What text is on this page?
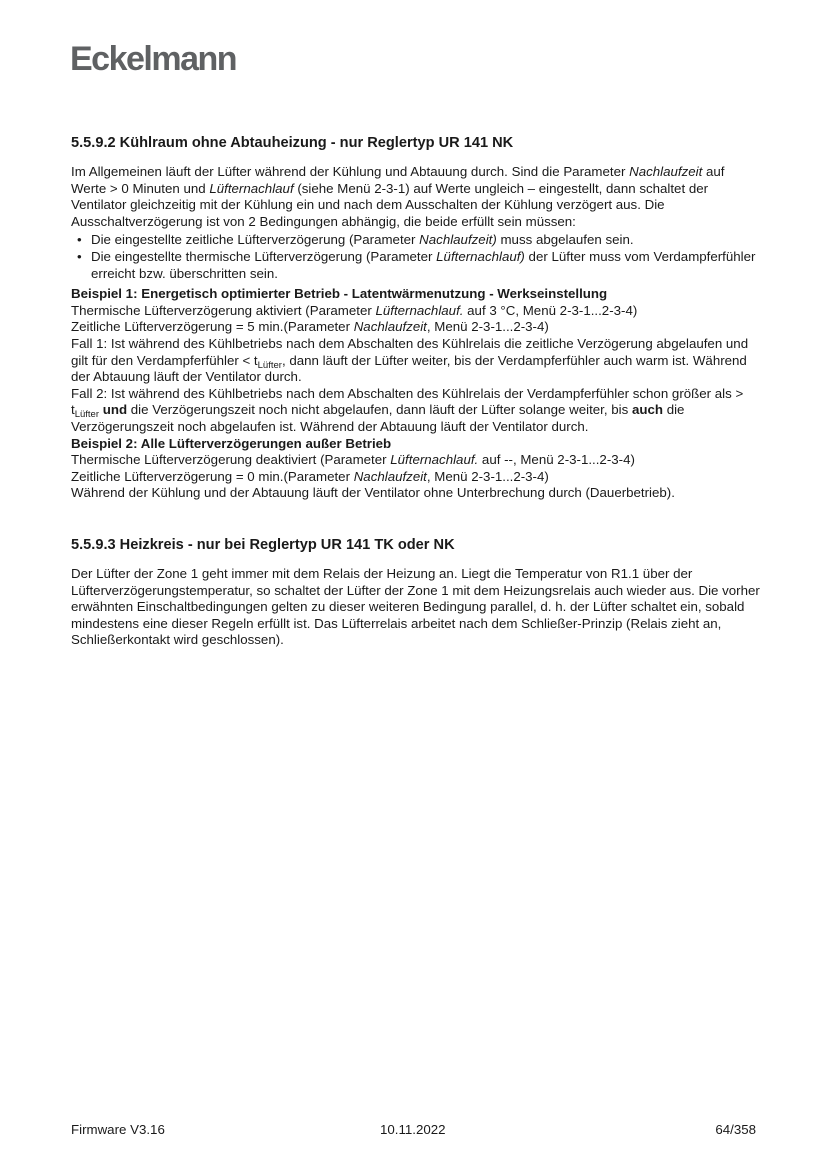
Eckelmann
5.5.9.2 Kühlraum ohne Abtauheizung - nur Reglertyp UR 141 NK

Im Allgemeinen läuft der Lüfter während der Kühlung und Abtauung durch. Sind die Parameter Nachlaufzeit auf Werte > 0 Minuten und Lüfternachlauf (siehe Menü 2-3-1) auf Werte ungleich – eingestellt, dann schaltet der Ventilator gleichzeitig mit der Kühlung ein und nach dem Ausschalten der Kühlung verzögert aus. Die Ausschaltverzögerung ist von 2 Bedingungen abhängig, die beide erfüllt sein müssen:

• Die eingestellte zeitliche Lüfterverzögerung (Parameter Nachlaufzeit) muss abgelaufen sein.
• Die eingestellte thermische Lüfterverzögerung (Parameter Lüfternachlauf) der Lüfter muss vom Verdampferfühler erreicht bzw. überschritten sein.

Beispiel 1: Energetisch optimierter Betrieb - Latentwärmenutzung - Werkseinstellung

Thermische Lüfterverzögerung aktiviert (Parameter Lüfternachlauf. auf 3 °C, Menü 2-3-1...2-3-4)

Zeitliche Lüfterverzögerung = 5 min.(Parameter Nachlaufzeit, Menü 2-3-1...2-3-4)

Fall 1: Ist während des Kühlbetriebs nach dem Abschalten des Kühlrelais die zeitliche Verzögerung abgelaufen und gilt für den Verdampferfühler < $t_{Lüfter}$, dann läuft der Lüfter weiter, bis der Verdampferfühler auch warm ist. Während der Abtauung läuft der Ventilator durch.

Fall 2: Ist während des Kühlbetriebs nach dem Abschalten des Kühlrelais der Verdampferfühler schon größer als > $t_{Lüfter}$ und die Verzögerungszeit noch nicht abgelaufen, dann läuft der Lüfter solange weiter, bis auch die Verzögerungszeit noch abgelaufen ist. Während der Abtauung läuft der Ventilator durch.

Beispiel 2: Alle Lüfterverzögerungen außer Betrieb

Thermische Lüfterverzögerung deaktiviert (Parameter Lüfternachlauf. auf --, Menü 2-3-1...2-3-4)

Zeitliche Lüfterverzögerung = 0 min.(Parameter Nachlaufzeit, Menü 2-3-1...2-3-4)

Während der Kühlung und der Abtauung läuft der Ventilator ohne Unterbrechung durch (Dauerbetrieb).

5.5.9.3 Heizkreis - nur bei Reglertyp UR 141 TK oder NK

Der Lüfter der Zone 1 geht immer mit dem Relais der Heizung an. Liegt die Temperatur von R1.1 über der Lüfterverzögerungstemperatur, so schaltet der Lüfter der Zone 1 mit dem Heizungsrelais auch wieder aus. Die vorher erwähnten Einschaltbedingungen gelten zu dieser weiteren Bedingung parallel, d. h. der Lüfter schaltet ein, sobald mindestens eine dieser Regeln erfüllt ist. Das Lüfterrelais arbeitet nach dem Schließer-Prinzip (Relais zieht an, Schließerkontakt wird geschlossen).

Firmware V3.16	10.11.2022	64/358
